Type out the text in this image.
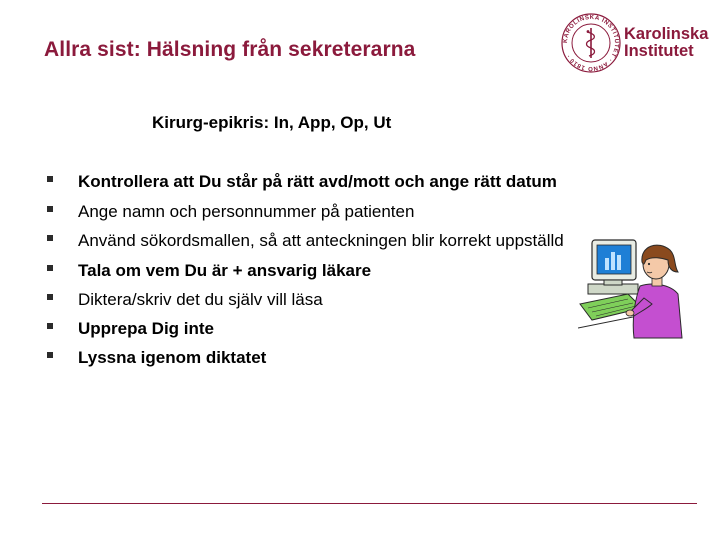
Allra sist: Hälsning från sekreterarna	KAROLINSKA INSTITUTET · ANNO 1810 ·
Karolinska
Institutet
Kirurg-epikris: In, App, Op, Ut
Kontrollera att Du står på rätt avd/mott och ange rätt datum
Ange namn och personnummer på patienten
Använd sökordsmallen, så att anteckningen blir korrekt uppställd
Tala om vem Du är + ansvarig läkare
Diktera/skriv det du själv vill läsa
Upprepa Dig inte
Lyssna igenom diktatet
